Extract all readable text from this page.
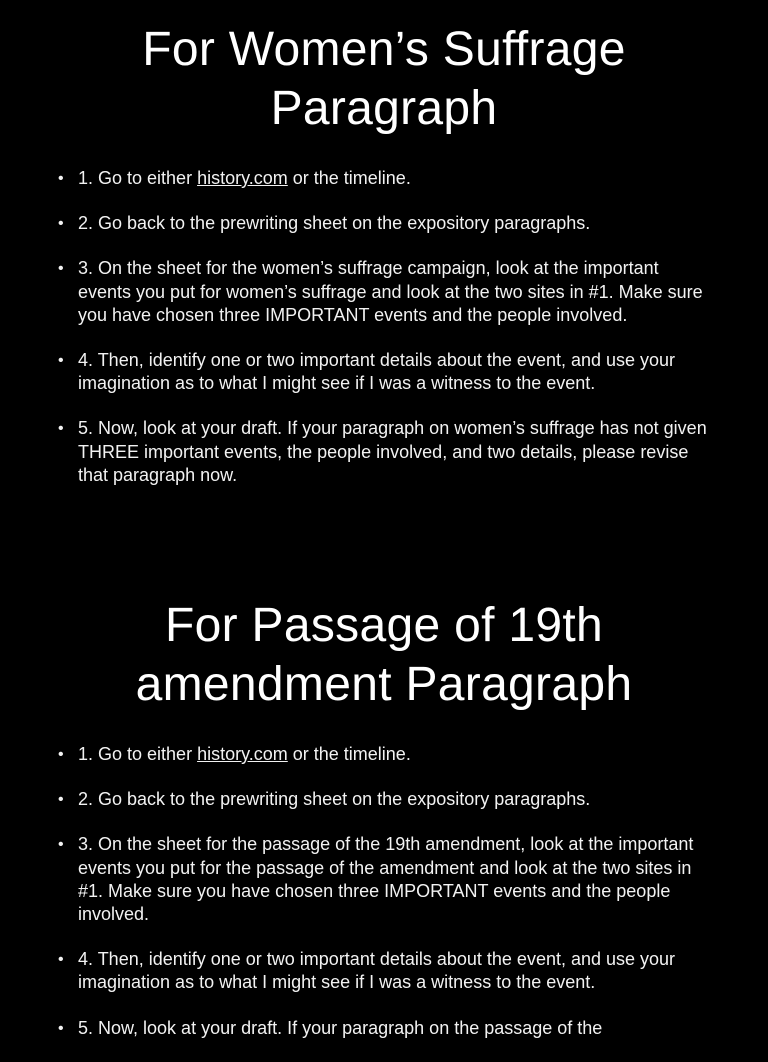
For Women’s Suffrage
Paragraph
• 1. Go to either history.com or the timeline.
• 2. Go back to the prewriting sheet on the expository paragraphs.
• 3. On the sheet for the women’s suffrage campaign, look at the important events you put for women’s suffrage and look at the two sites in #1. Make sure you have chosen three IMPORTANT events and the people involved.
• 4. Then, identify one or two important details about the event, and use your imagination as to what I might see if I was a witness to the event.
• 5. Now, look at your draft. If your paragraph on women’s suffrage has not given THREE important events, the people involved, and two details, please revise that paragraph now.
For Passage of 19th
amendment Paragraph
• 1. Go to either history.com or the timeline.
• 2. Go back to the prewriting sheet on the expository paragraphs.
• 3. On the sheet for the passage of the 19th amendment, look at the important events you put for the passage of the amendment and look at the two sites in #1. Make sure you have chosen three IMPORTANT events and the people involved.
• 4. Then, identify one or two important details about the event, and use your imagination as to what I might see if I was a witness to the event.
• 5. Now, look at your draft. If your paragraph on the passage of the
